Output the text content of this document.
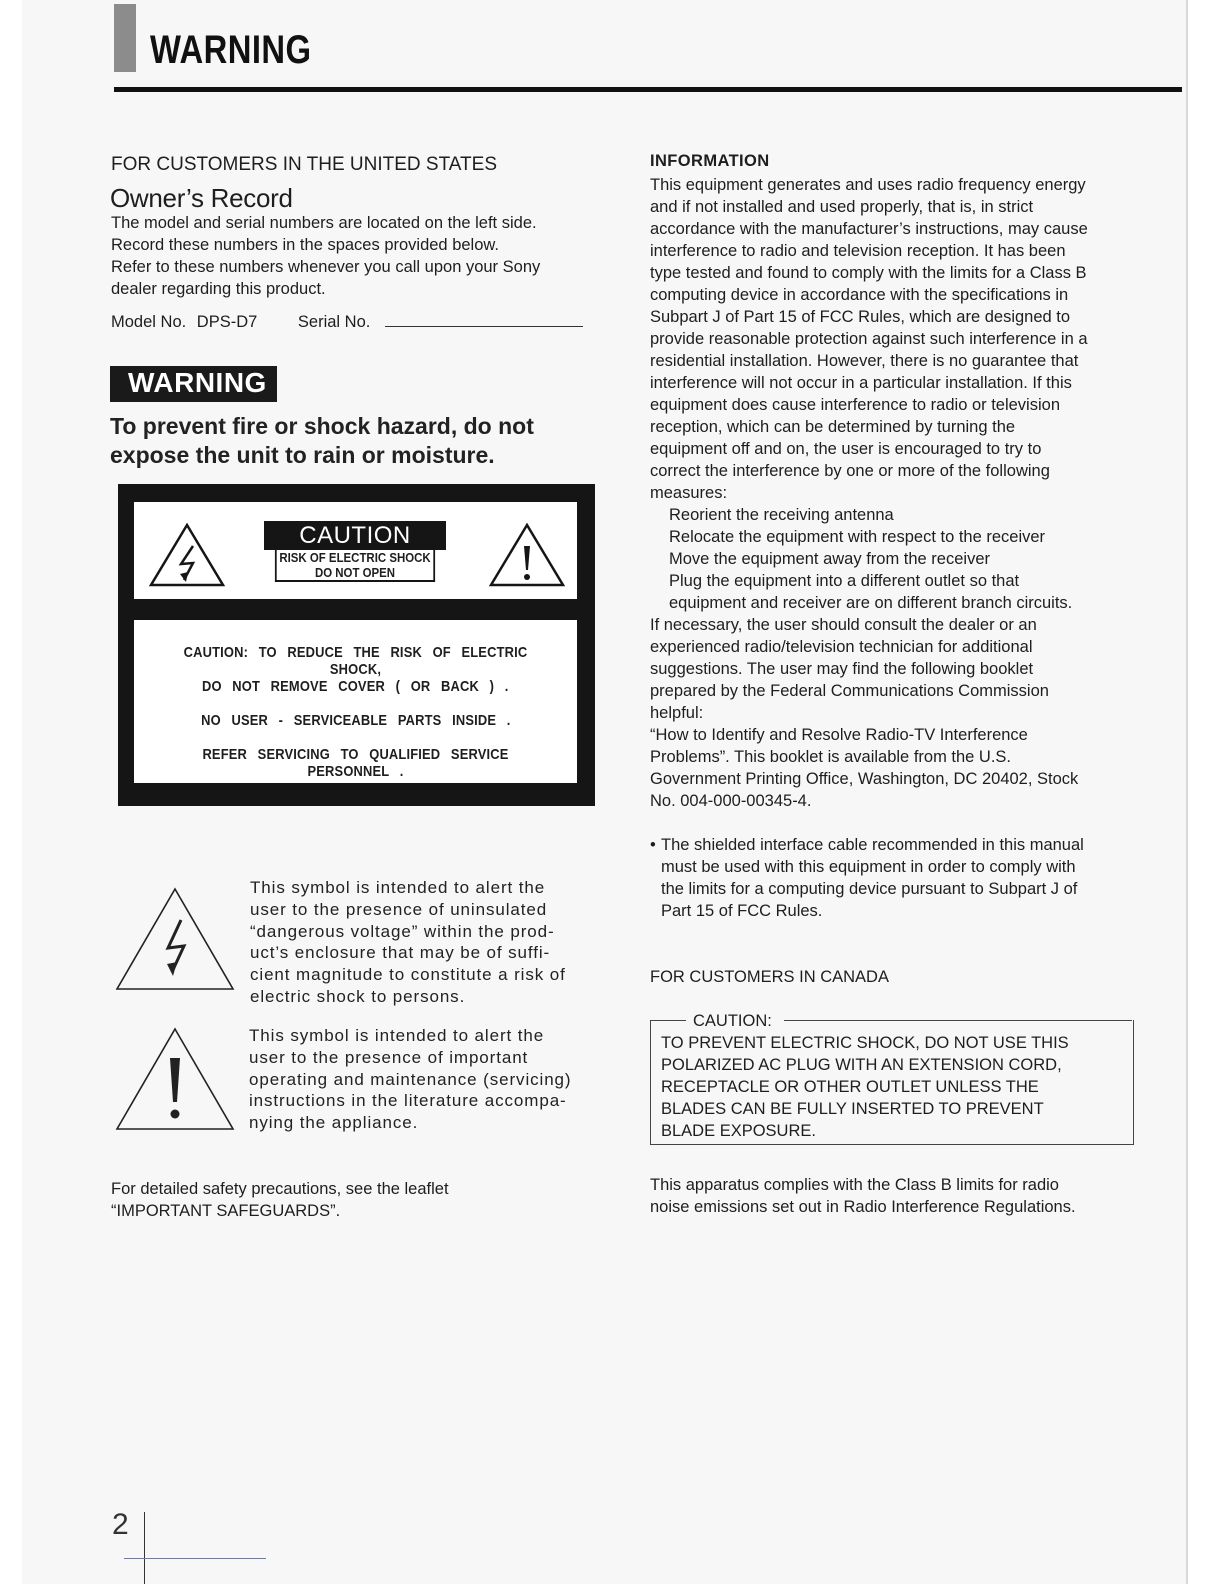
WARNING
FOR CUSTOMERS IN THE UNITED STATES
Owner’s Record
The model and serial numbers are located on the left side.
Record these numbers in the spaces provided below.
Refer to these numbers whenever you call upon your Sony
dealer regarding this product.
Model No. DPS-D7 Serial No.
WARNING
To prevent fire or shock hazard, do not
expose the unit to rain or moisture.
CAUTION
RISK OF ELECTRIC SHOCK
DO NOT OPEN
CAUTION: TO REDUCE THE RISK OF ELECTRIC SHOCK,
DO NOT REMOVE COVER ( OR BACK ) .
NO USER - SERVICEABLE PARTS INSIDE .
REFER SERVICING TO QUALIFIED SERVICE PERSONNEL .
This symbol is intended to alert the
user to the presence of uninsulated
“dangerous voltage” within the prod-
uct’s enclosure that may be of suffi-
cient magnitude to constitute a risk of
electric shock to persons.
This symbol is intended to alert the
user to the presence of important
operating and maintenance (servicing)
instructions in the literature accompa-
nying the appliance.
For detailed safety precautions, see the leaflet
“IMPORTANT SAFEGUARDS”.
INFORMATION
This equipment generates and uses radio frequency energy
and if not installed and used properly, that is, in strict
accordance with the manufacturer’s instructions, may cause
interference to radio and television reception. It has been
type tested and found to comply with the limits for a Class B
computing device in accordance with the specifications in
Subpart J of Part 15 of FCC Rules, which are designed to
provide reasonable protection against such interference in a
residential installation. However, there is no guarantee that
interference will not occur in a particular installation. If this
equipment does cause interference to radio or television
reception, which can be determined by turning the
equipment off and on, the user is encouraged to try to
correct the interference by one or more of the following
measures:
Reorient the receiving antenna
Relocate the equipment with respect to the receiver
Move the equipment away from the receiver
Plug the equipment into a different outlet so that
equipment and receiver are on different branch circuits.
If necessary, the user should consult the dealer or an
experienced radio/television technician for additional
suggestions. The user may find the following booklet
prepared by the Federal Communications Commission
helpful:
“How to Identify and Resolve Radio-TV Interference
Problems”. This booklet is available from the U.S.
Government Printing Office, Washington, DC 20402, Stock
No. 004-000-00345-4.
• The shielded interface cable recommended in this manual
must be used with this equipment in order to comply with
the limits for a computing device pursuant to Subpart J of
Part 15 of FCC Rules.
FOR CUSTOMERS IN CANADA
CAUTION:
TO PREVENT ELECTRIC SHOCK, DO NOT USE THIS
POLARIZED AC PLUG WITH AN EXTENSION CORD,
RECEPTACLE OR OTHER OUTLET UNLESS THE
BLADES CAN BE FULLY INSERTED TO PREVENT
BLADE EXPOSURE.
This apparatus complies with the Class B limits for radio
noise emissions set out in Radio Interference Regulations.
2
